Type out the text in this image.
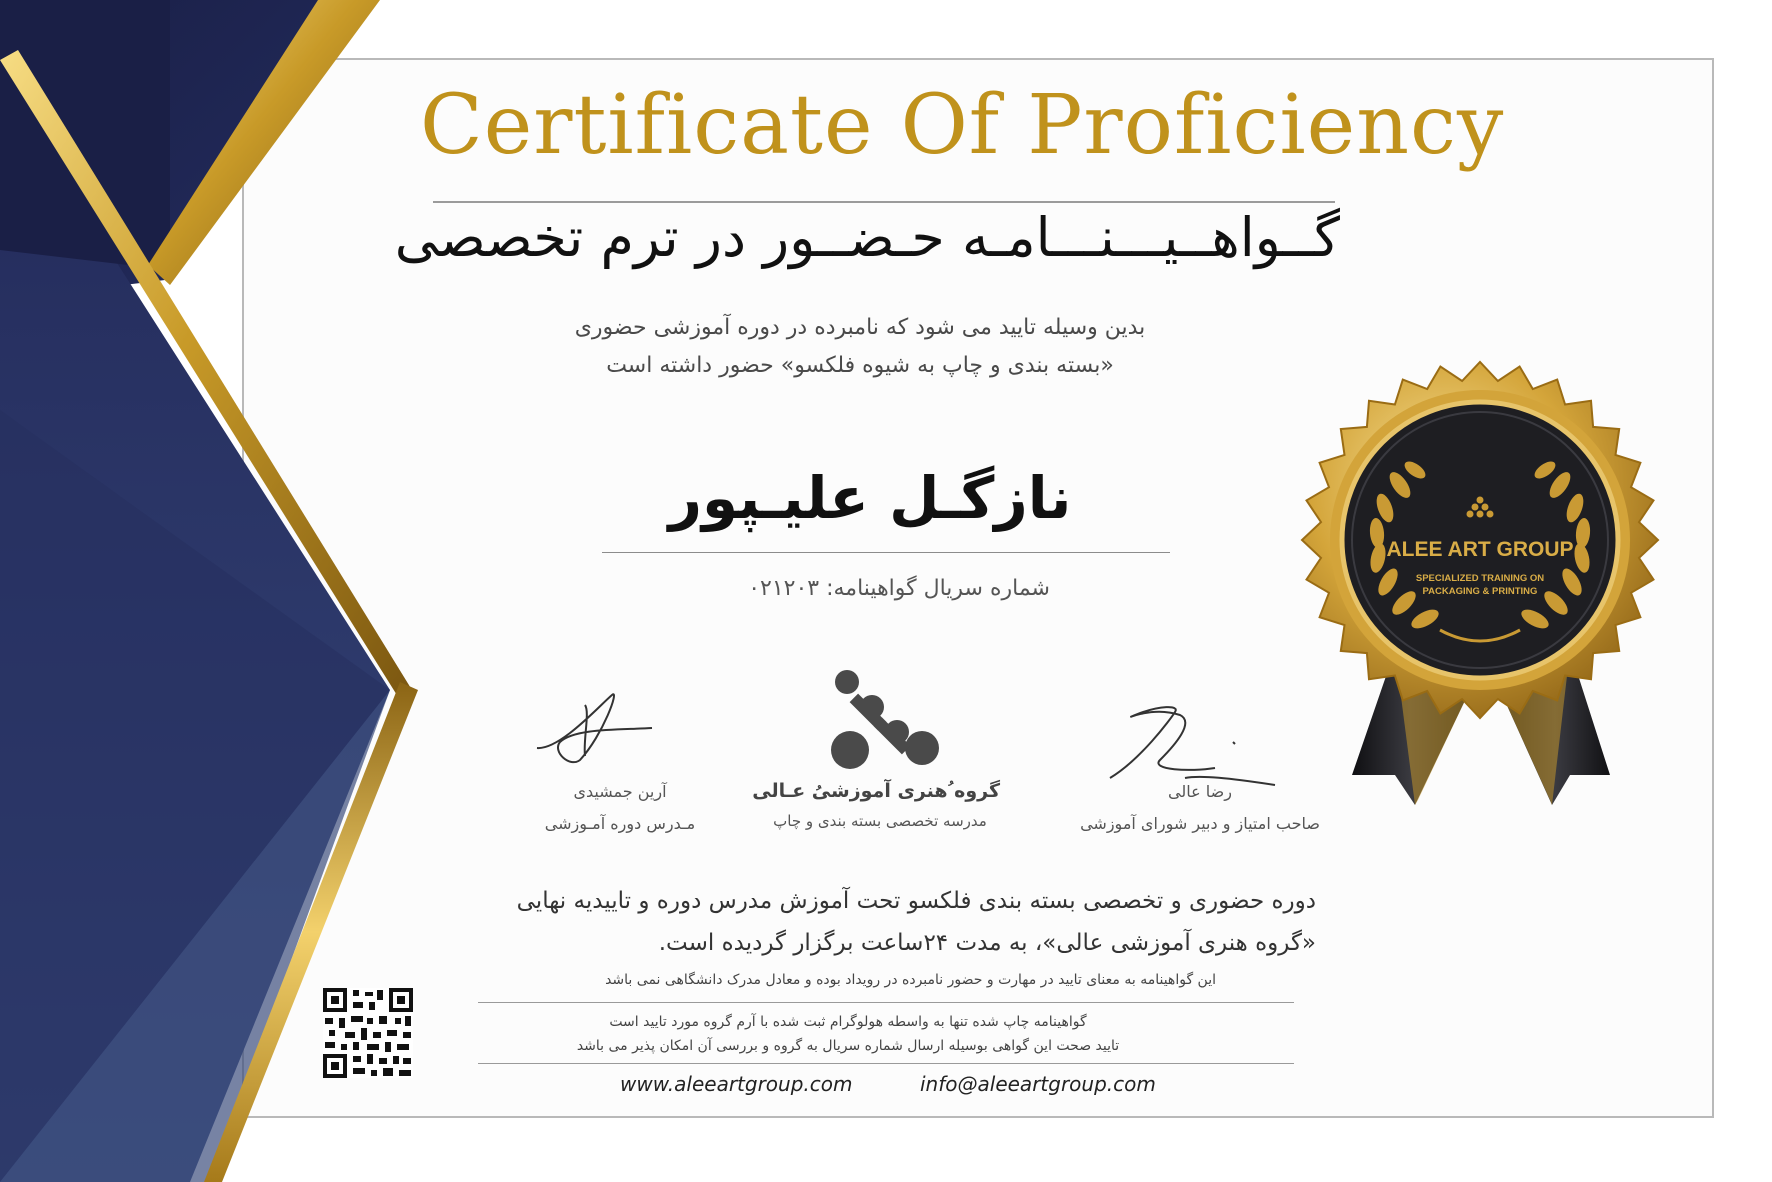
ALEE ART GROUP
SPECIALIZED TRAINING ON
PACKAGING & PRINTING
Certificate Of Proficiency
گــواهــیـــنـــامـه حـضــور در ترم تخصصی
بدین وسیله تایید می شود که نامبرده در دوره آموزشی حضوری
«بسته بندی و چاپ به شیوه فلکسو» حضور داشته است
نازگـل علیـپور
شماره سریال گواهینامه: ۰۲۱۲۰۳
آرین جمشیدی
مـدرس دوره آمـوزشی
گروه ُهنری آموزشیُ عـالی
مدرسه تخصصی بسته بندی و چاپ
رضا عالی
صاحب امتیاز و دبیر شورای آموزشی
دوره حضوری و تخصصی بسته بندی فلکسو تحت آموزش مدرس دوره و تاییدیه نهایی
«گروه هنری آموزشی عالی»، به مدت ۲۴ساعت برگزار گردیده است.
این گواهینامه به معنای تایید در مهارت و حضور نامبرده در رویداد بوده و معادل مدرک دانشگاهی نمی باشد
گواهینامه چاپ شده تنها به واسطه هولوگرام ثبت شده با آرم گروه مورد تایید است
تایید صحت این گواهی بوسیله ارسال شماره سریال به گروه و بررسی آن امکان پذیر می باشد
www.aleeartgroup.com	info@aleeartgroup.com
